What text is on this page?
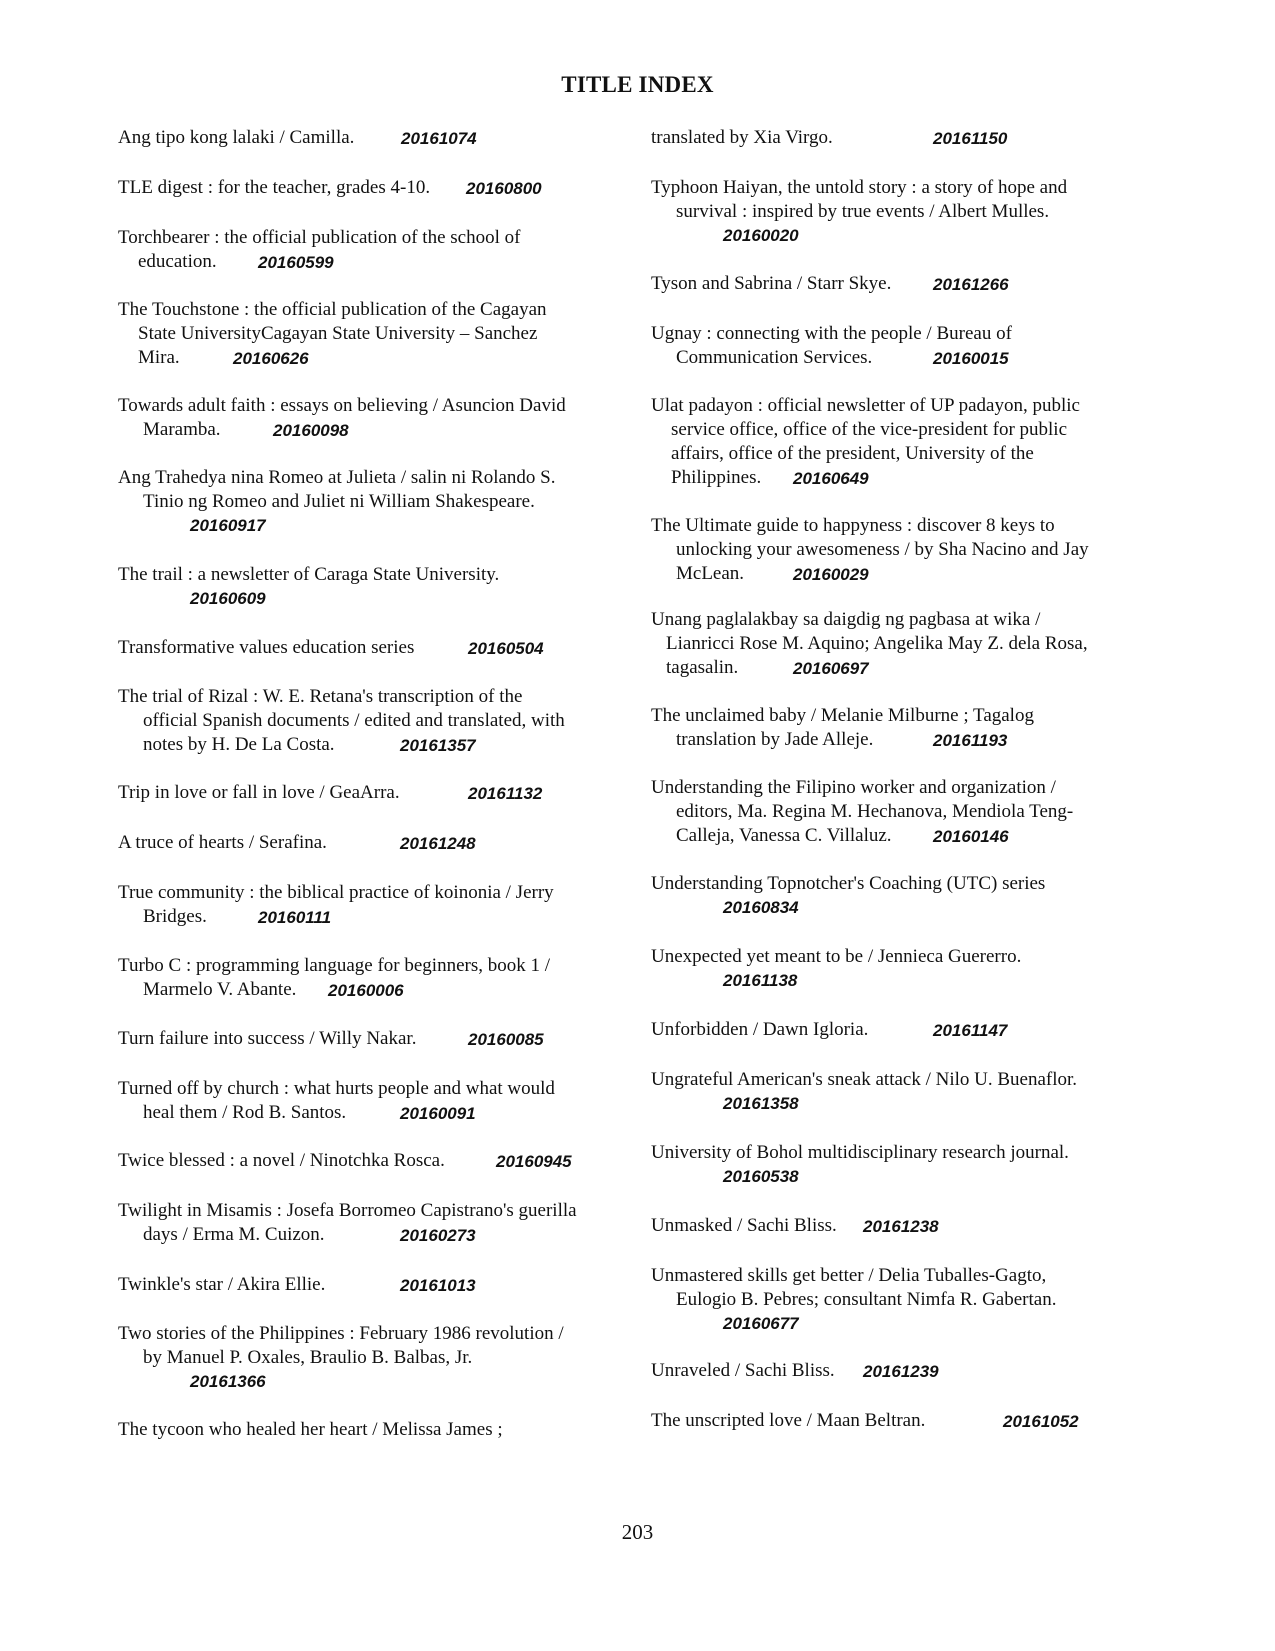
TITLE INDEX
Ang tipo kong lalaki / Camilla.	20161074
TLE digest : for the teacher, grades 4-10. 20160800
Torchbearer : the official publication of the school of
education.	20160599
The Touchstone : the official publication of the Cagayan
State UniversityCagayan State University – Sanchez
Mira.	20160626
Towards adult faith : essays on believing / Asuncion David
Maramba.	20160098
Ang Trahedya nina Romeo at Julieta / salin ni Rolando S.
Tinio ng Romeo and Juliet ni William Shakespeare.
20160917
The trail : a newsletter of Caraga State University.
20160609
Transformative values education series	20160504
The trial of Rizal : W. E. Retana's transcription of the
official Spanish documents / edited and translated, with
notes by H. De La Costa.	20161357
Trip in love or fall in love / GeaArra.	20161132
A truce of hearts / Serafina.	20161248
True community : the biblical practice of koinonia / Jerry
Bridges.	20160111
Turbo C : programming language for beginners, book 1 /
Marmelo V. Abante.	20160006
Turn failure into success / Willy Nakar.	20160085
Turned off by church : what hurts people and what would
heal them / Rod B. Santos.	20160091
Twice blessed : a novel / Ninotchka Rosca.	20160945
Twilight in Misamis : Josefa Borromeo Capistrano's guerilla
days / Erma M. Cuizon.	20160273
Twinkle's star / Akira Ellie.	20161013
Two stories of the Philippines : February 1986 revolution /
by Manuel P. Oxales, Braulio B. Balbas, Jr.
20161366
The tycoon who healed her heart / Melissa James ;
translated by Xia Virgo.	20161150
Typhoon Haiyan, the untold story : a story of hope and
survival : inspired by true events / Albert Mulles.
20160020
Tyson and Sabrina / Starr Skye. 20161266
Ugnay : connecting with the people / Bureau of
Communication Services.	20160015
Ulat padayon : official newsletter of UP padayon, public
service office, office of the vice-president for public
affairs, office of the president, University of the
Philippines.	20160649
The Ultimate guide to happyness : discover 8 keys to
unlocking your awesomeness / by Sha Nacino and Jay
McLean.	20160029
Unang paglalakbay sa daigdig ng pagbasa at wika /
Lianricci Rose M. Aquino; Angelika May Z. dela Rosa,
tagasalin.	20160697
The unclaimed baby / Melanie Milburne ; Tagalog
translation by Jade Alleje.	20161193
Understanding the Filipino worker and organization /
editors, Ma. Regina M. Hechanova, Mendiola Teng-
Calleja, Vanessa C. Villaluz.	20160146
Understanding Topnotcher's Coaching (UTC) series
20160834
Unexpected yet meant to be / Jennieca Guererro.
20161138
Unforbidden / Dawn Igloria.	20161147
Ungrateful American's sneak attack / Nilo U. Buenaflor.
20161358
University of Bohol multidisciplinary research journal.
20160538
Unmasked / Sachi Bliss. 20161238
Unmastered skills get better / Delia Tuballes-Gagto,
Eulogio B. Pebres; consultant Nimfa R. Gabertan.
20160677
Unraveled / Sachi Bliss. 20161239
The unscripted love / Maan Beltran.	20161052
203
